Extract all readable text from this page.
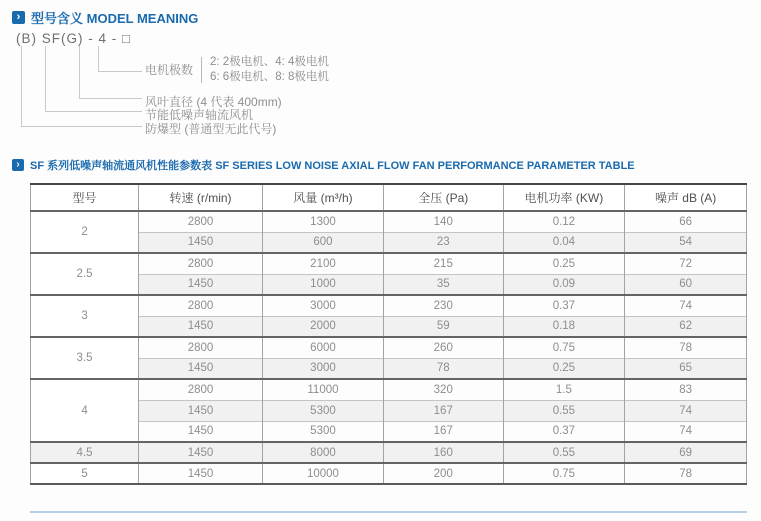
› 型号含义 MODEL MEANING
(B) SF(G) - 4 - □
电机极数
2: 2极电机、4: 4极电机
6: 6极电机、8: 8极电机
风叶直径 (4 代表 400mm)
节能低噪声轴流风机
防爆型 (普通型无此代号)
› SF 系列低噪声轴流通风机性能参数表 SF SERIES LOW NOISE AXIAL FLOW FAN PERFORMANCE PARAMETER TABLE
型号	转速 (r/min)	风量 (m³/h)	全压 (Pa)	电机功率 (KW)	噪声 dB (A)
2	2800	1300	140	0.12	66
	1450	600	23	0.04	54
2.5	2800	2100	215	0.25	72
	1450	1000	35	0.09	60
3	2800	3000	230	0.37	74
	1450	2000	59	0.18	62
3.5	2800	6000	260	0.75	78
	1450	3000	78	0.25	65
4	2800	11000	320	1.5	83
	1450	5300	167	0.55	74
	1450	5300	167	0.37	74
4.5	1450	8000	160	0.55	69
5	1450	10000	200	0.75	78
